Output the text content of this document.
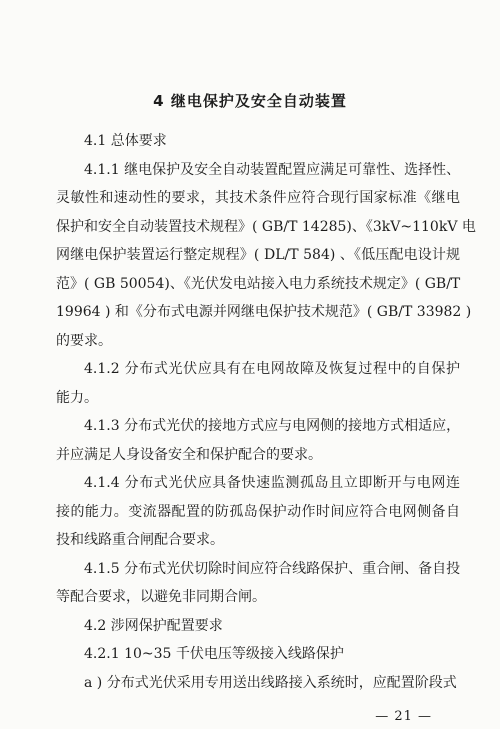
4 继电保护及安全自动装置
4.1 总体要求
4.1.1 继电保护及安全自动装置配置应满足可靠性、选择性、
灵敏性和速动性的要求，其技术条件应符合现行国家标准《继电
保护和安全自动装置技术规程》( GB/T 14285)、《3kV~110kV 电
网继电保护装置运行整定规程》( DL/T 584) 、《低压配电设计规
范》( GB 50054)、《光伏发电站接入电力系统技术规定》( GB/T
19964 ) 和《分布式电源并网继电保护技术规范》( GB/T 33982 )
的要求。
4.1.2 分布式光伏应具有在电网故障及恢复过程中的自保护
能力。
4.1.3 分布式光伏的接地方式应与电网侧的接地方式相适应，
并应满足人身设备安全和保护配合的要求。
4.1.4 分布式光伏应具备快速监测孤岛且立即断开与电网连
接的能力。变流器配置的防孤岛保护动作时间应符合电网侧备自
投和线路重合闸配合要求。
4.1.5 分布式光伏切除时间应符合线路保护、重合闸、备自投
等配合要求，以避免非同期合闸。
4.2 涉网保护配置要求
— 21 —
4.2.1 10~35 千伏电压等级接入线路保护
a ) 分布式光伏采用专用送出线路接入系统时，应配置阶段式
